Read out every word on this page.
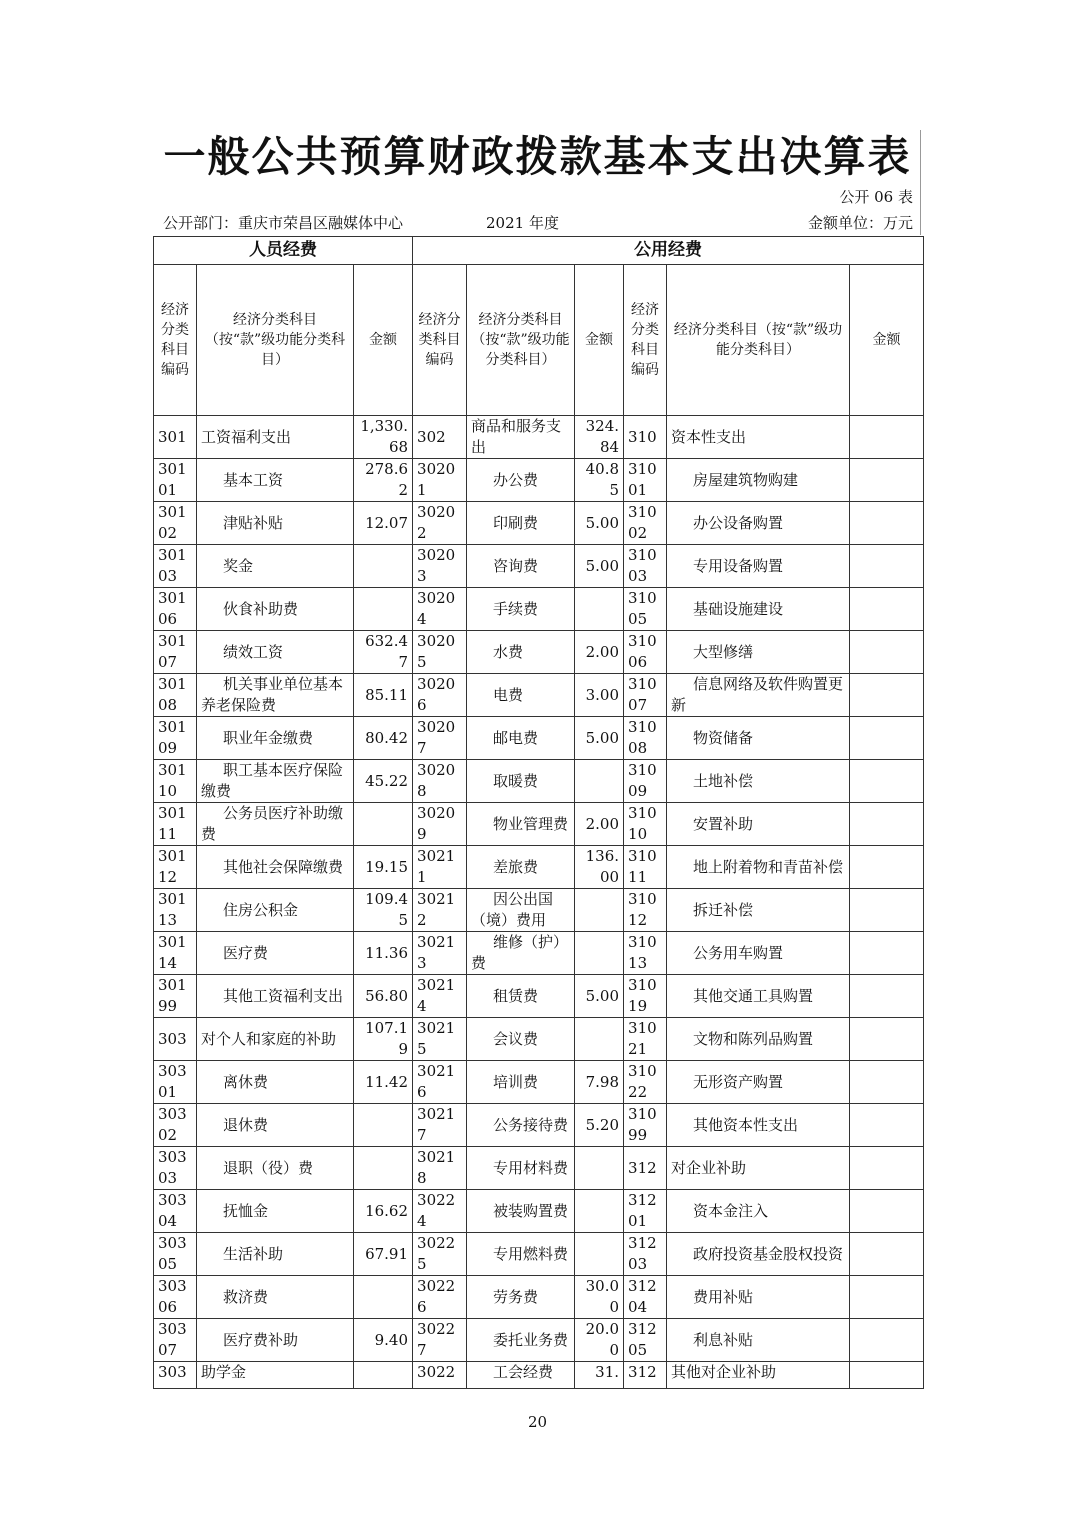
一般公共预算财政拨款基本支出决算表
公开 06 表
公开部门：重庆市荣昌区融媒体中心	2021 年度	金额单位：万元
人员经费			公用经费					
经济分类科目编码	经济分类科目（按“款”级功能分类科目）	金额	经济分类科目编码	经济分类科目（按“款”级功能分类科目）	金额	经济分类科目编码	经济分类科目（按“款”级功能分类科目）	金额
301	工资福利支出	1,330.68	302	商品和服务支出	324.84	310	资本性支出	
30101	基本工资	278.62	30201	办公费	40.85	31001	房屋建筑物购建	
30102	津贴补贴	12.07	30202	印刷费	5.00	31002	办公设备购置	
30103	奖金		30203	咨询费	5.00	31003	专用设备购置	
30106	伙食补助费		30204	手续费		31005	基础设施建设	
30107	绩效工资	632.47	30205	水费	2.00	31006	大型修缮	
30108	机关事业单位基本养老保险费	85.11	30206	电费	3.00	31007	信息网络及软件购置更新	
30109	职业年金缴费	80.42	30207	邮电费	5.00	31008	物资储备	
30110	职工基本医疗保险缴费	45.22	30208	取暖费		31009	土地补偿	
30111	公务员医疗补助缴费		30209	物业管理费	2.00	31010	安置补助	
30112	其他社会保障缴费	19.15	30211	差旅费	136.00	31011	地上附着物和青苗补偿	
30113	住房公积金	109.45	30212	因公出国（境）费用		31012	拆迁补偿	
30114	医疗费	11.36	30213	维修（护）费		31013	公务用车购置	
30199	其他工资福利支出	56.80	30214	租赁费	5.00	31019	其他交通工具购置	
303	对个人和家庭的补助	107.19	30215	会议费		31021	文物和陈列品购置	
30301	离休费	11.42	30216	培训费	7.98	31022	无形资产购置	
30302	退休费		30217	公务接待费	5.20	31099	其他资本性支出	
30303	退职（役）费		30218	专用材料费		312	对企业补助	
30304	抚恤金	16.62	30224	被装购置费		31201	资本金注入	
30305	生活补助	67.91	30225	专用燃料费		31203	政府投资基金股权投资	
30306	救济费		30226	劳务费	30.00	31204	费用补贴	
30307	医疗费补助	9.40	30227	委托业务费	20.00	31205	利息补贴	
303	助学金		3022	工会经费	31.	312	其他对企业补助	
20
